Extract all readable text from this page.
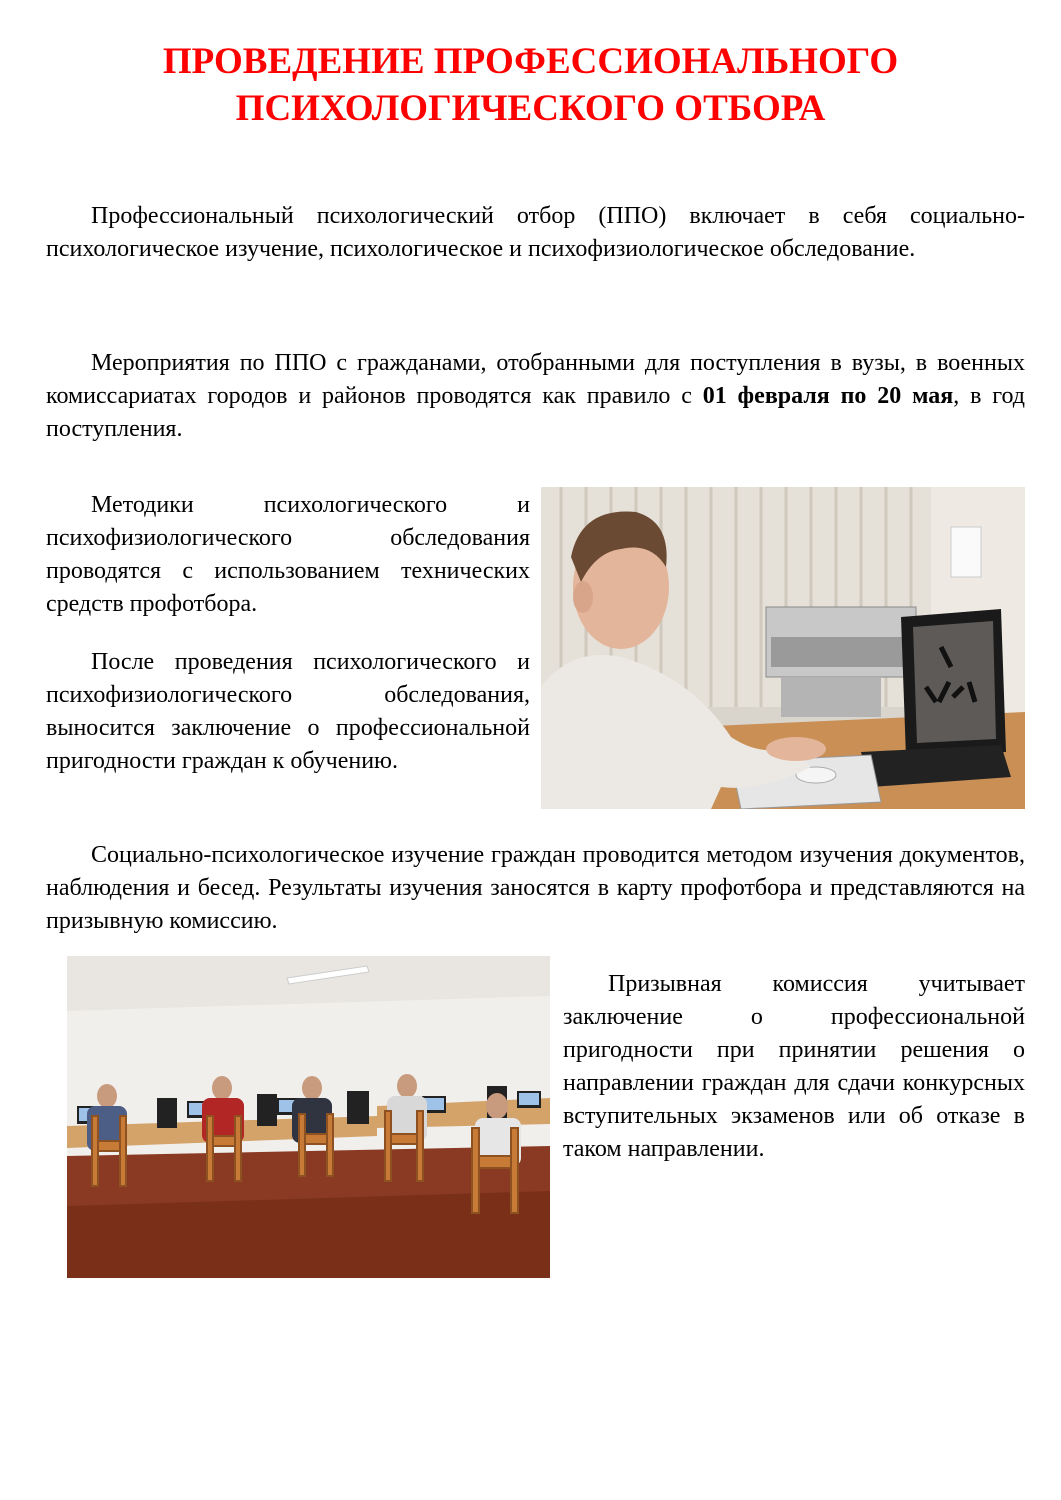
ПРОВЕДЕНИЕ ПРОФЕССИОНАЛЬНОГО
ПСИХОЛОГИЧЕСКОГО ОТБОРА

Профессиональный психологический отбор (ППО) включает в себя социально-психологическое изучение, психологическое и психофизиологическое обследование.

Мероприятия по ППО с гражданами, отобранными для поступления в вузы, в военных комиссариатах городов и районов проводятся как правило с 01 февраля по 20 мая, в год поступления.

Методики психологического и психофизиологического обследования проводятся с использованием технических средств профотбора.

После проведения психологического и психофизиологического обследования, выносится заключение о профессиональной пригодности граждан к обучению.

Социально-психологическое изучение граждан проводится методом изучения документов, наблюдения и бесед. Результаты изучения заносятся в карту профотбора и представляются на призывную комиссию.

Призывная комиссия учитывает заключение о профессиональной пригодности при принятии решения о направлении граждан для сдачи конкурсных вступительных экзаменов или об отказе в таком направлении.
